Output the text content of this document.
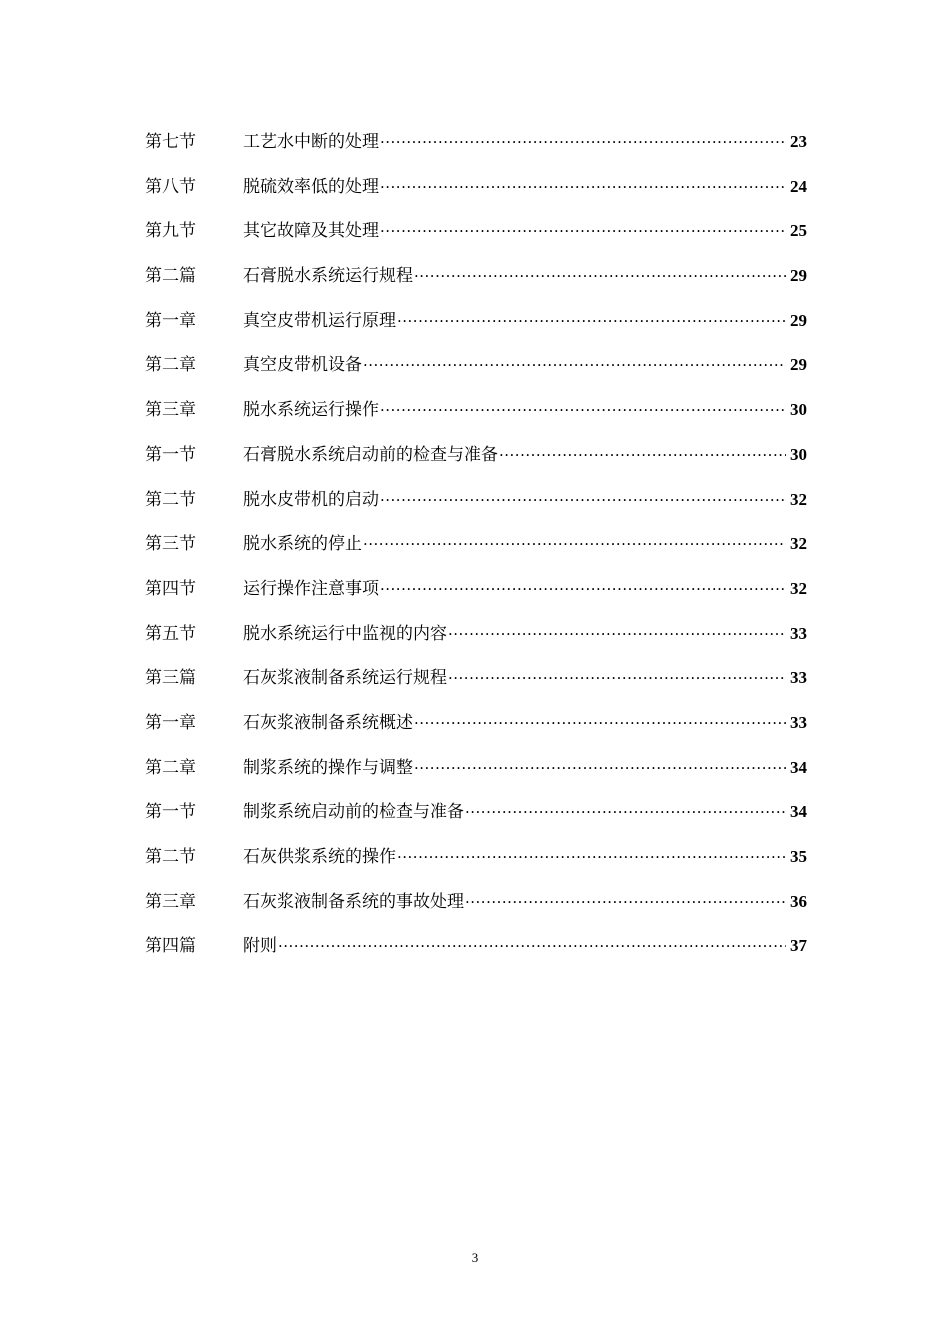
第七节	工艺水中断的处理 ·····	23
第八节	脱硫效率低的处理 ·····	24
第九节	其它故障及其处理 ·····	25
第二篇	石膏脱水系统运行规程 ·····	29
第一章	真空皮带机运行原理 ·····	29
第二章	真空皮带机设备 ·····	29
第三章	脱水系统运行操作 ·····	30
第一节	石膏脱水系统启动前的检查与准备 ·····	30
第二节	脱水皮带机的启动 ·····	32
第三节	脱水系统的停止 ·····	32
第四节	运行操作注意事项 ·····	32
第五节	脱水系统运行中监视的内容 ·····	33
第三篇	石灰浆液制备系统运行规程 ·····	33
第一章	石灰浆液制备系统概述 ·····	33
第二章	制浆系统的操作与调整 ·····	34
第一节	制浆系统启动前的检查与准备 ·····	34
第二节	石灰供浆系统的操作 ·····	35
第三章	石灰浆液制备系统的事故处理 ·····	36
第四篇	附则 ·····	37
3
